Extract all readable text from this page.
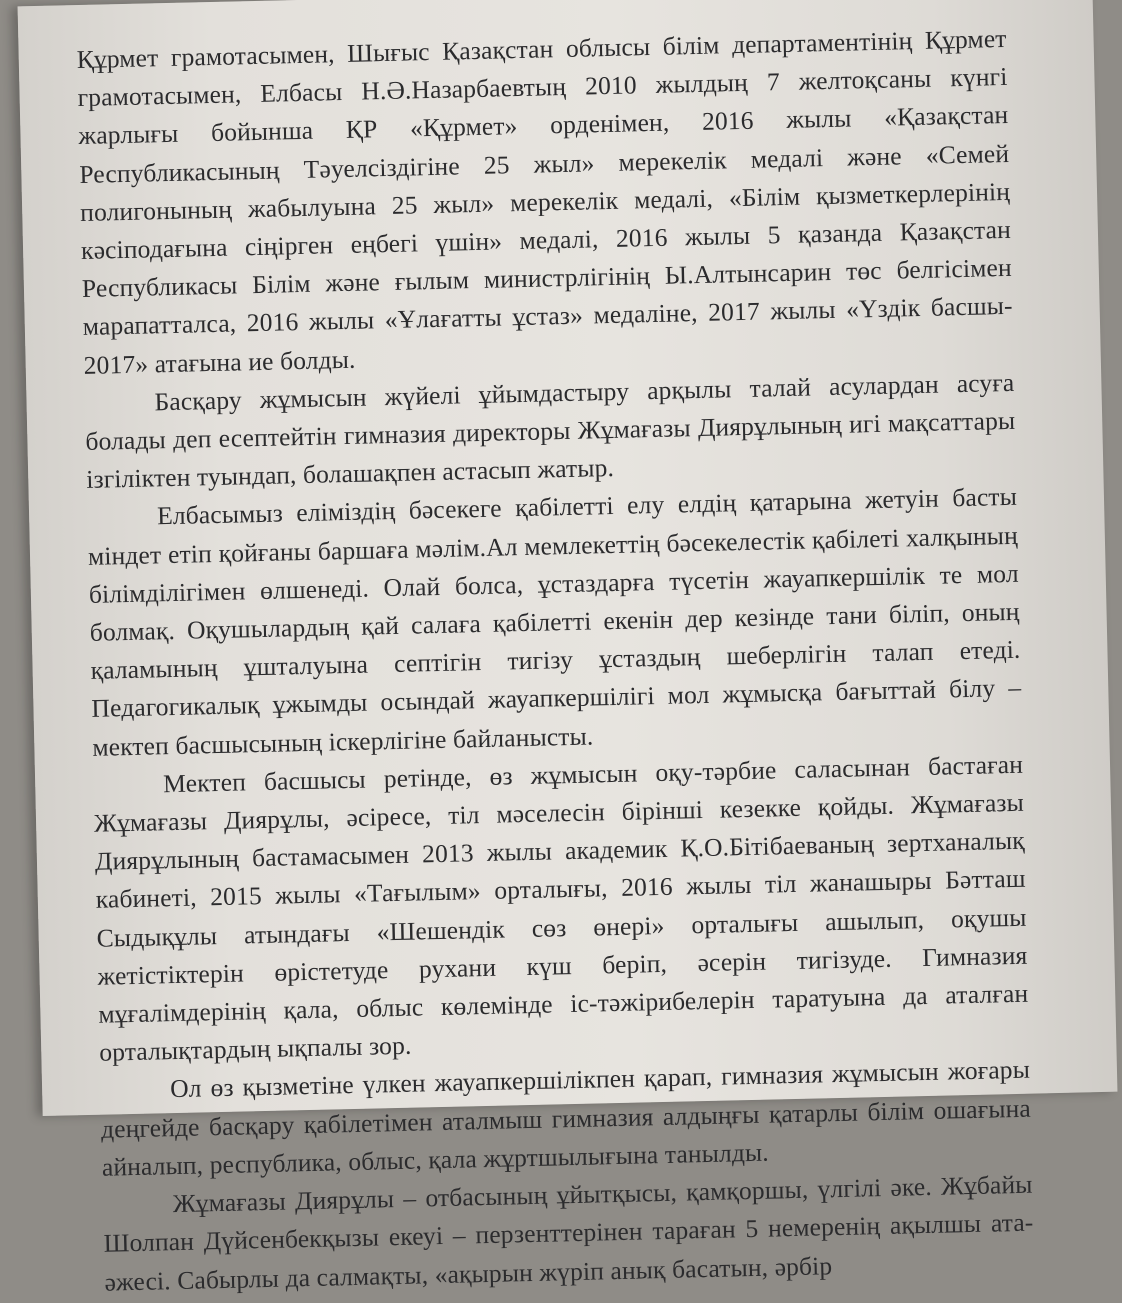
Құрмет грамотасымен, Шығыс Қазақстан облысы білім департаментінің Құрмет грамотасымен, Елбасы Н.Ә.Назарбаевтың 2010 жылдың 7 желтоқсаны күнгі жарлығы бойынша ҚР «Құрмет» орденімен, 2016 жылы «Қазақстан Республикасының Тәуелсіздігіне 25 жыл» мерекелік медалі және «Семей полигонының жабылуына 25 жыл» мерекелік медалі, «Білім қызметкерлерінің кәсіподағына сіңірген еңбегі үшін» медалі, 2016 жылы 5 қазанда Қазақстан Республикасы Білім және ғылым министрлігінің Ы.Алтынсарин төс белгісімен марапатталса, 2016 жылы «Ұлағатты ұстаз» медаліне, 2017 жылы «Үздік басшы- 2017» атағына ие болды.

Басқару жұмысын жүйелі ұйымдастыру арқылы талай асулардан асуға болады деп есептейтін гимназия директоры Жұмағазы Диярұлының игі мақсаттары ізгіліктен туындап, болашақпен астасып жатыр.

Елбасымыз еліміздің бәсекеге қабілетті елу елдің қатарына жетуін басты міндет етіп қойғаны баршаға мәлім.Ал мемлекеттің бәсекелестік қабілеті халқының білімділігімен өлшенеді. Олай болса, ұстаздарға түсетін жауапкершілік те мол болмақ. Оқушылардың қай салаға қабілетті екенін дер кезінде тани біліп, оның қаламының ұшталуына септігін тигізу ұстаздың шеберлігін талап етеді. Педагогикалық ұжымды осындай жауапкершілігі мол жұмысқа бағыттай білу – мектеп басшысының іскерлігіне байланысты.

Мектеп басшысы ретінде, өз жұмысын оқу-тәрбие саласынан бастаған Жұмағазы Диярұлы, әсіресе, тіл мәселесін бірінші кезекке қойды. Жұмағазы Диярұлының бастамасымен 2013 жылы академик Қ.О.Бітібаеваның зертханалық кабинеті, 2015 жылы «Тағылым» орталығы, 2016 жылы тіл жанашыры Бәтташ Сыдықұлы атындағы «Шешендік сөз өнері» орталығы ашылып, оқушы жетістіктерін өрістетуде рухани күш беріп, әсерін тигізуде. Гимназия мұғалімдерінің қала, облыс көлемінде іс-тәжірибелерін таратуына да аталған орталықтардың ықпалы зор.

Ол өз қызметіне үлкен жауапкершілікпен қарап, гимназия жұмысын жоғары деңгейде басқару қабілетімен аталмыш гимназия алдыңғы қатарлы білім ошағына айналып, республика, облыс, қала жұртшылығына танылды.

Жұмағазы Диярұлы – отбасының ұйытқысы, қамқоршы, үлгілі әке. Жұбайы Шолпан Дүйсенбекқызы екеуі – перзенттерінен тараған 5 немеренің ақылшы ата-әжесі. Сабырлы да салмақты, «ақырын жүріп анық басатын, әрбір
